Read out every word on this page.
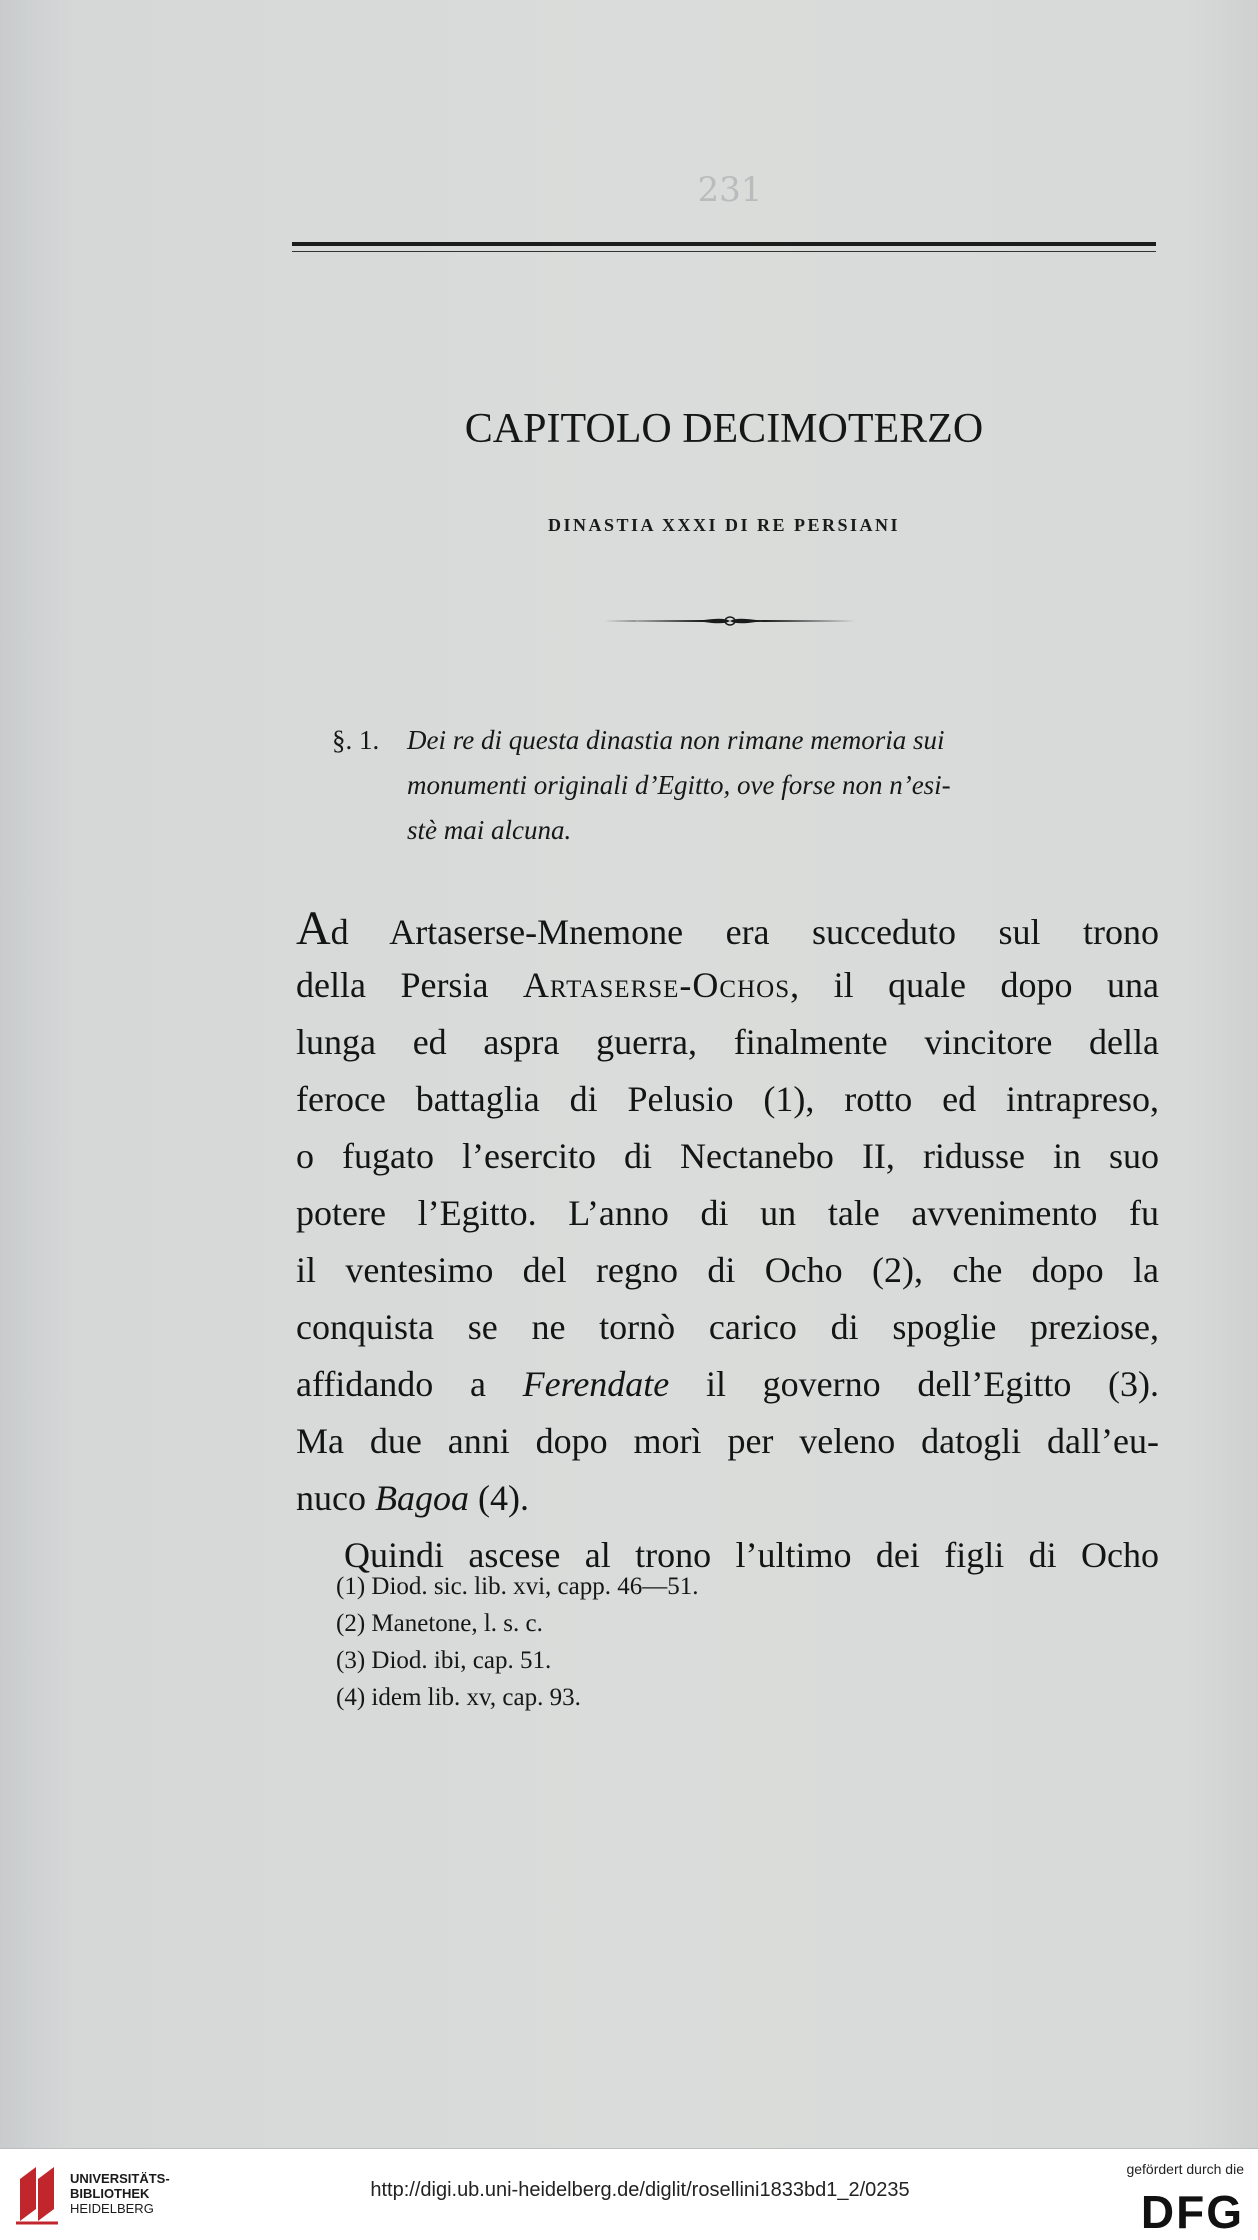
231
CAPITOLO DECIMOTERZO
DINASTIA XXXI DI RE PERSIANI
§. 1. Dei re di questa dinastia non rimane memoria sui
monumenti originali d’Egitto, ove forse non n’esi-
stè mai alcuna.
Ad Artaserse-Mnemone era succeduto sul trono
della Persia Artaserse-Ochos, il quale dopo una
lunga ed aspra guerra, finalmente vincitore della
feroce battaglia di Pelusio (1), rotto ed intrapreso,
o fugato l’esercito di Nectanebo II, ridusse in suo
potere l’Egitto. L’anno di un tale avvenimento fu
il ventesimo del regno di Ocho (2), che dopo la
conquista se ne tornò carico di spoglie preziose,
affidando a Ferendate il governo dell’Egitto (3).
Ma due anni dopo morì per veleno datogli dall’eu-
nuco Bagoa (4).
Quindi ascese al trono l’ultimo dei figli di Ocho
(1) Diod. sic. lib. xvi, capp. 46—51.
(2) Manetone, l. s. c.
(3) Diod. ibi, cap. 51.
(4) idem lib. xv, cap. 93.
UNIVERSITÄTS-
BIBLIOTHEK
HEIDELBERG
http://digi.ub.uni-heidelberg.de/diglit/rosellini1833bd1_2/0235
gefördert durch die
DFG
